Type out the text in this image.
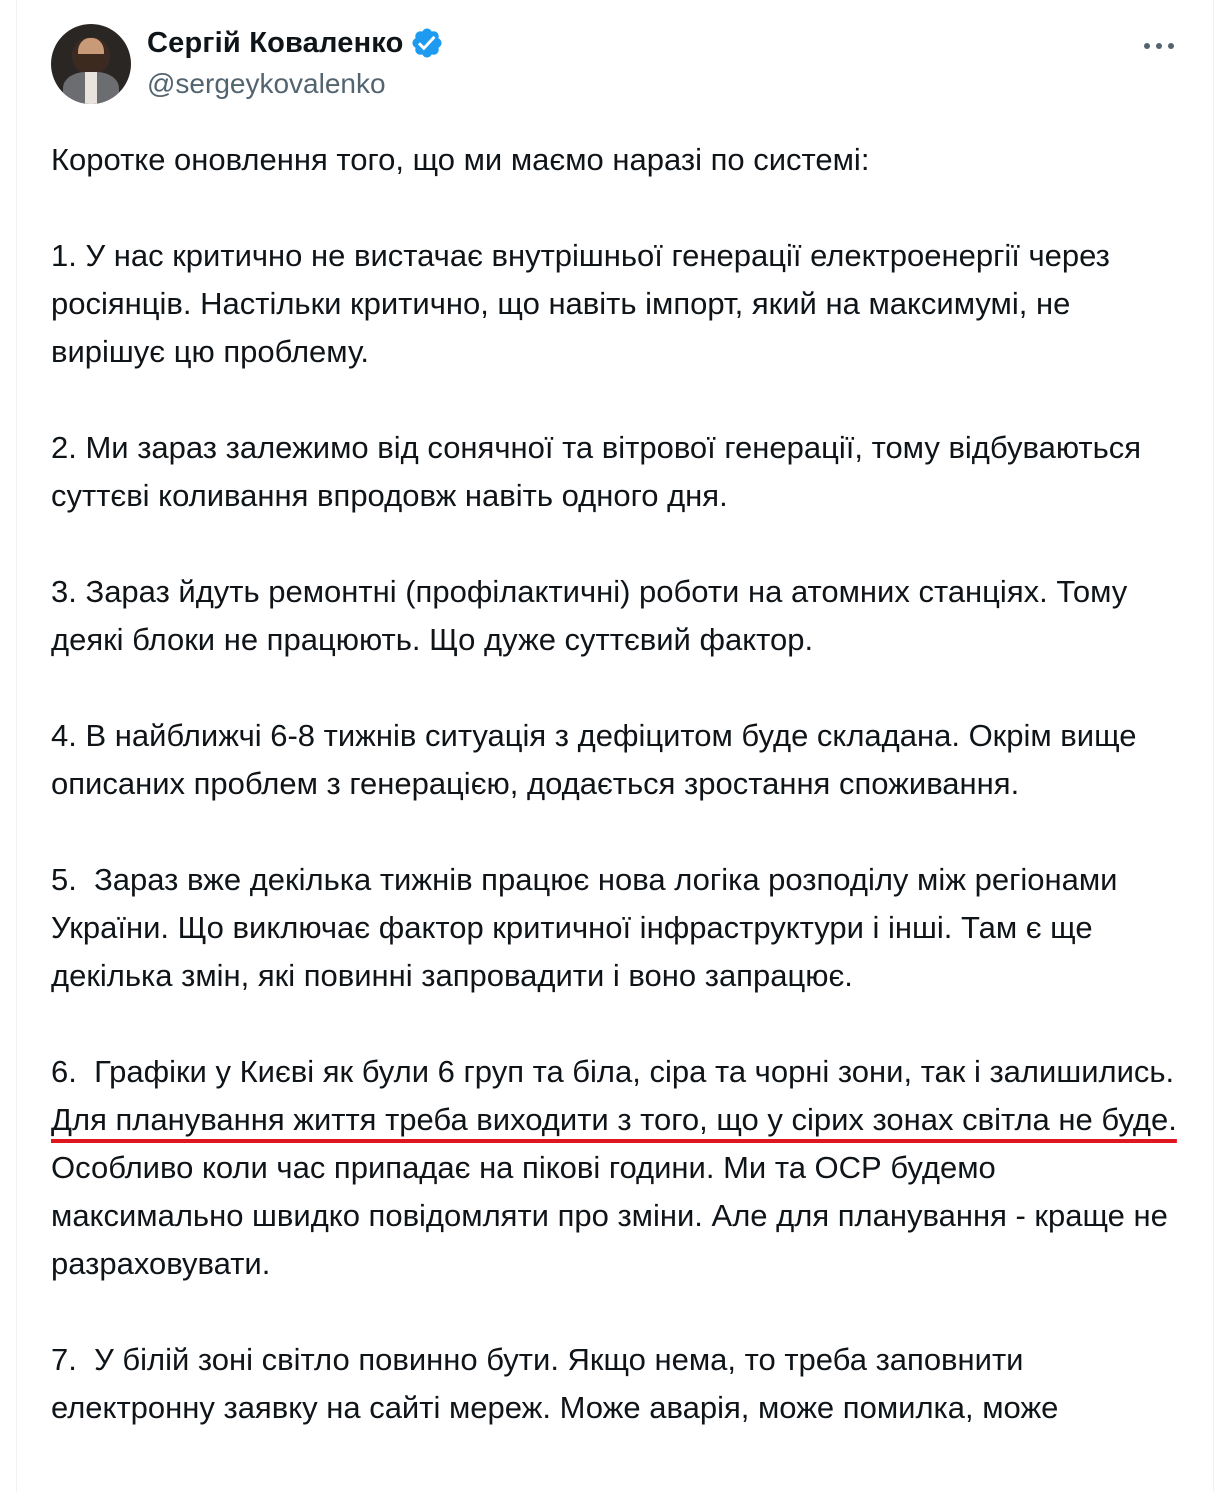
Сергій Коваленко
@sergeykovalenko

Коротке оновлення того, що ми маємо наразі по системі:

1. У нас критично не вистачає внутрішньої генерації електроенергії через росіянців. Настільки критично, що навіть імпорт, який на максимумі, не вирішує цю проблему.

2. Ми зараз залежимо від сонячної та вітрової генерації, тому відбуваються суттєві коливання впродовж навіть одного дня.

3. Зараз йдуть ремонтні (профілактичні) роботи на атомних станціях. Тому деякі блоки не працюють. Що дуже суттєвий фактор.

4. В найближчі 6-8 тижнів ситуація з дефіцитом буде складана. Окрім вище описаних проблем з генерацією, додається зростання споживання.

5.  Зараз вже декілька тижнів працює нова логіка розподілу між регіонами України. Що виключає фактор критичної інфраструктури і інші. Там є ще декілька змін, які повинні запровадити і воно запрацює.

6.  Графіки у Києві як були 6 груп та біла, сіра та чорні зони, так і залишились. Для планування життя треба виходити з того, що у сірих зонах світла не буде. Особливо коли час припадає на пікові години. Ми та ОСР будемо максимально швидко повідомляти про зміни. Але для планування - краще не разраховувати.

7.  У білій зоні світло повинно бути. Якщо нема, то треба заповнити електронну заявку на сайті мереж. Може аварія, може помилка, може
